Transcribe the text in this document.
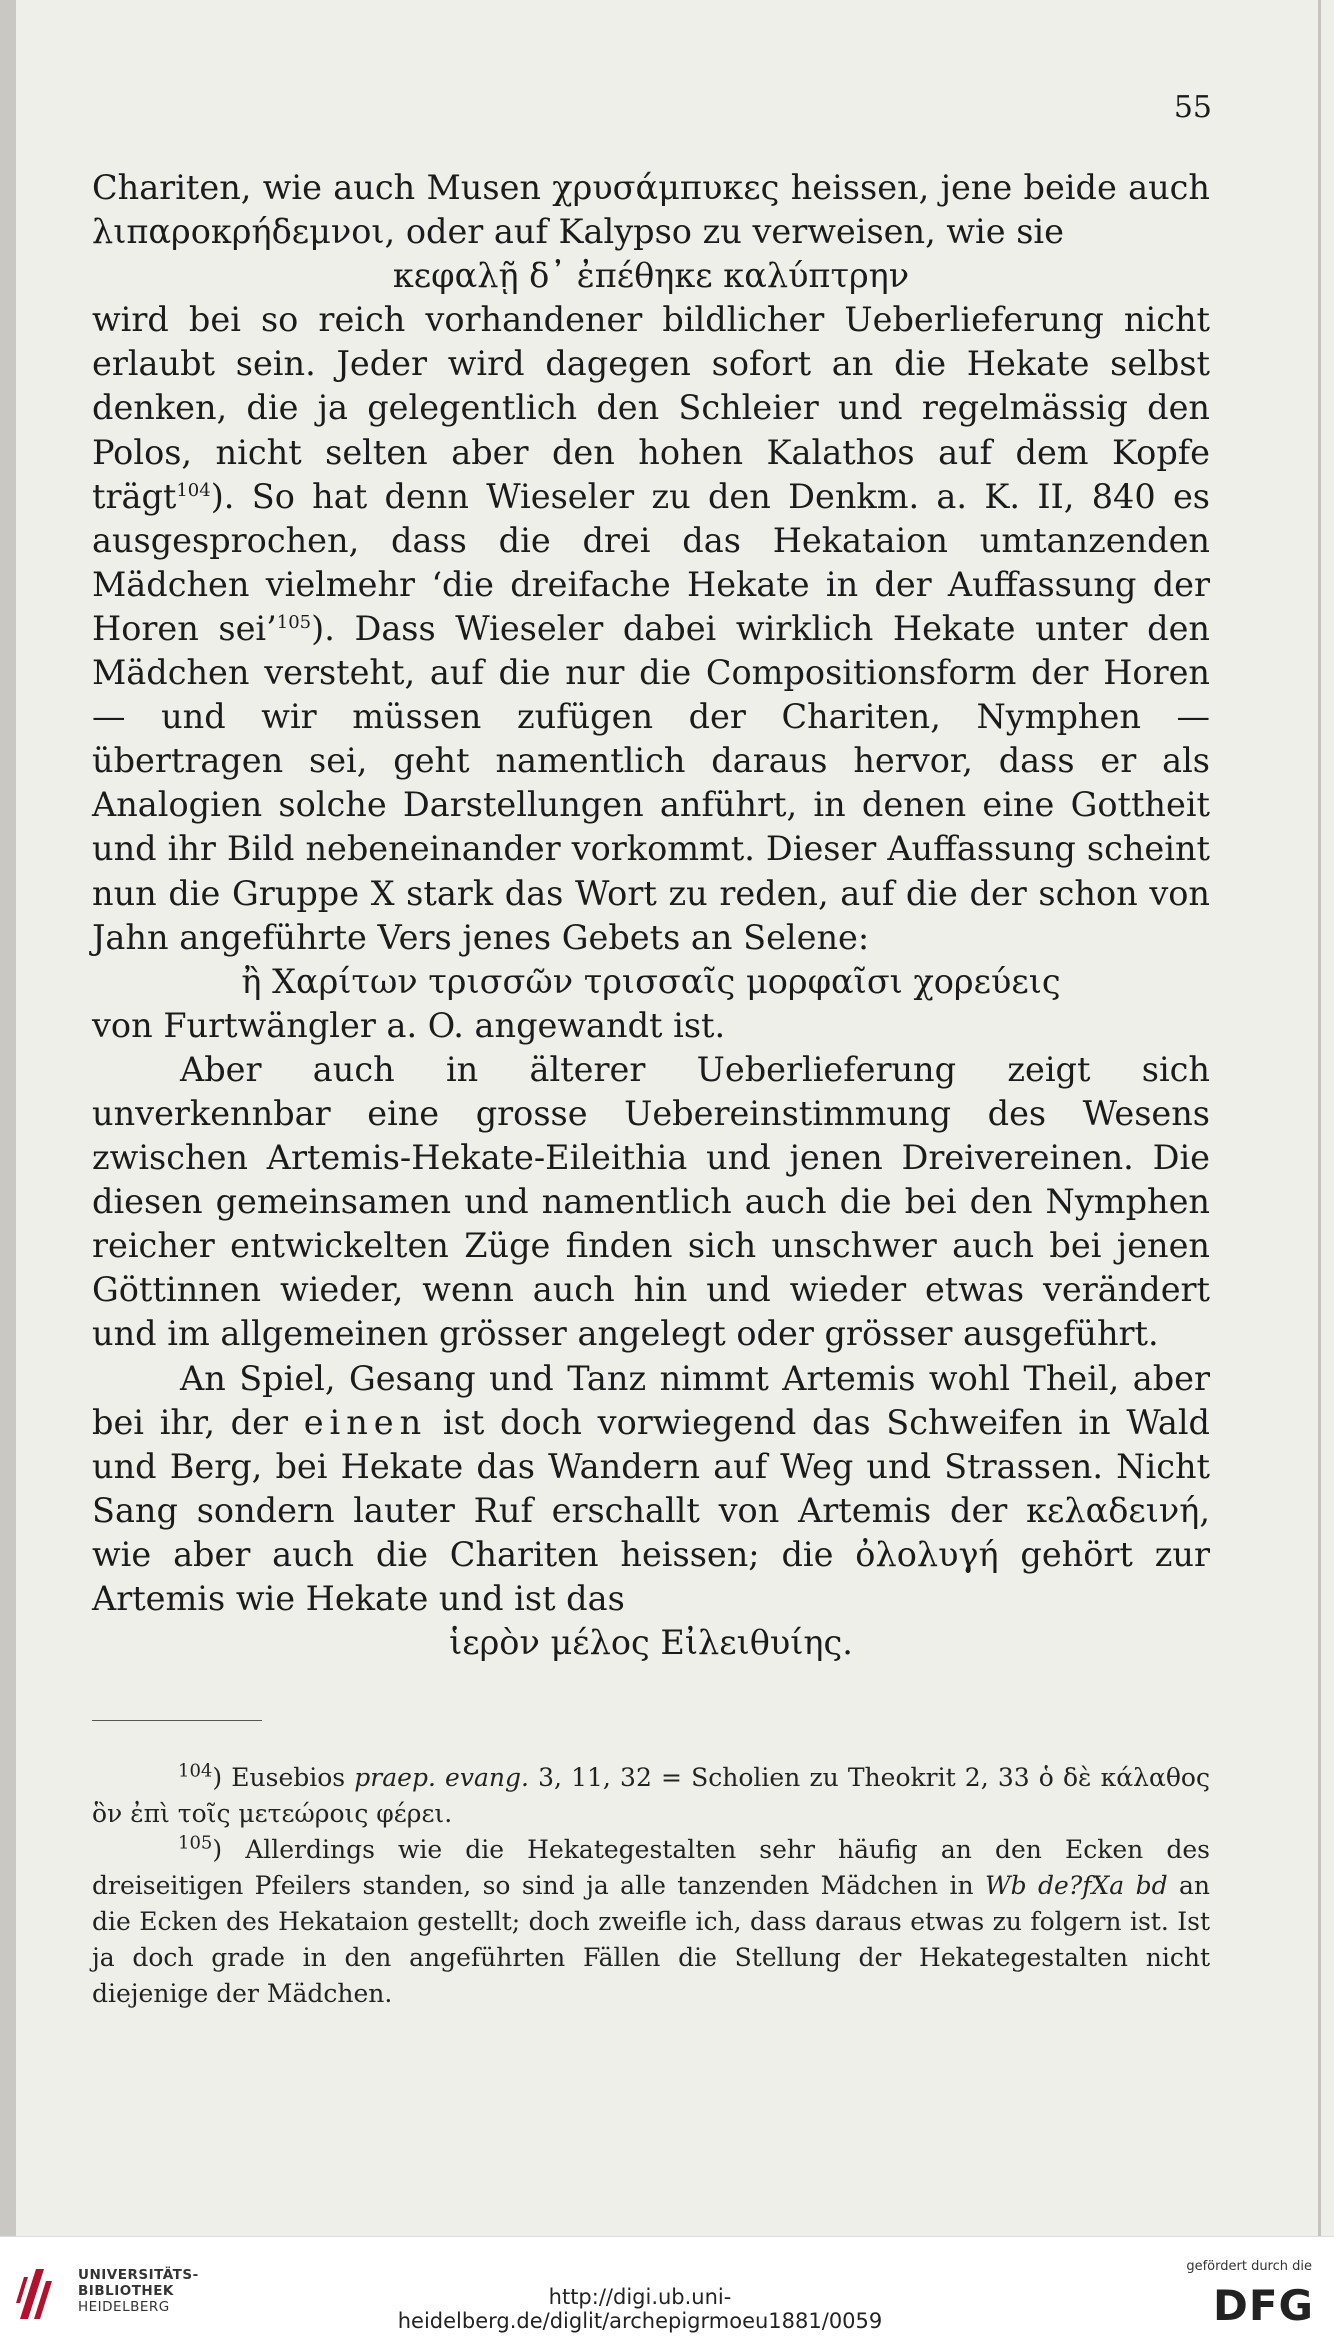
55

Chariten, wie auch Musen χρυσάμπυκες heissen, jene beide auch λιπαροκρήδεμνοι, oder auf Kalypso zu verweisen, wie sie

κεφαλῇ δ᾿ ἐπέθηκε καλύπτρην

wird bei so reich vorhandener bildlicher Ueberlieferung nicht erlaubt sein. Jeder wird dagegen sofort an die Hekate selbst denken, die ja gelegentlich den Schleier und regelmässig den Polos, nicht selten aber den hohen Kalathos auf dem Kopfe trägt$^{104}$). So hat denn Wieseler zu den Denkm. a. K. II, 840 es ausgesprochen, dass die drei das Hekataion umtanzenden Mädchen vielmehr ‘die dreifache Hekate in der Auffassung der Horen sei’$^{105}$). Dass Wieseler dabei wirklich Hekate unter den Mädchen versteht, auf die nur die Compositionsform der Horen — und wir müssen zufügen der Chariten, Nymphen — übertragen sei, geht namentlich daraus hervor, dass er als Analogien solche Darstellungen anführt, in denen eine Gottheit und ihr Bild nebeneinander vorkommt. Dieser Auffassung scheint nun die Gruppe X stark das Wort zu reden, auf die der schon von Jahn angeführte Vers jenes Gebets an Selene:

ἢ Χαρίτων τρισσῶν τρισσαῖς μορφαῖσι χορεύεις

von Furtwängler a. O. angewandt ist.

Aber auch in älterer Ueberlieferung zeigt sich unverkennbar eine grosse Uebereinstimmung des Wesens zwischen Artemis-Hekate-Eileithia und jenen Dreivereinen. Die diesen gemeinsamen und namentlich auch die bei den Nymphen reicher entwickelten Züge finden sich unschwer auch bei jenen Göttinnen wieder, wenn auch hin und wieder etwas verändert und im allgemeinen grösser angelegt oder grösser ausgeführt.

An Spiel, Gesang und Tanz nimmt Artemis wohl Theil, aber bei ihr, der einen ist doch vorwiegend das Schweifen in Wald und Berg, bei Hekate das Wandern auf Weg und Strassen. Nicht Sang sondern lauter Ruf erschallt von Artemis der κελαδεινή, wie aber auch die Chariten heissen; die ὀλολυγή gehört zur Artemis wie Hekate und ist das

ἱερὸν μέλος Εἰλειθυίης.

$^{104}$) Eusebios praep. evang. 3, 11, 32 = Scholien zu Theokrit 2, 33 ὁ δὲ κάλαθος ὃν ἐπὶ τοῖς μετεώροις φέρει.

$^{105}$) Allerdings wie die Hekategestalten sehr häufig an den Ecken des dreiseitigen Pfeilers standen, so sind ja alle tanzenden Mädchen in Wb de?fXa bd an die Ecken des Hekataion gestellt; doch zweifle ich, dass daraus etwas zu folgern ist. Ist ja doch grade in den angeführten Fällen die Stellung der Hekategestalten nicht diejenige der Mädchen.

UNIVERSITÄTS-
BIBLIOTHEK
HEIDELBERG	http://digi.ub.uni-heidelberg.de/diglit/archepigrmoeu1881/0059
gefördert durch die
DFG
